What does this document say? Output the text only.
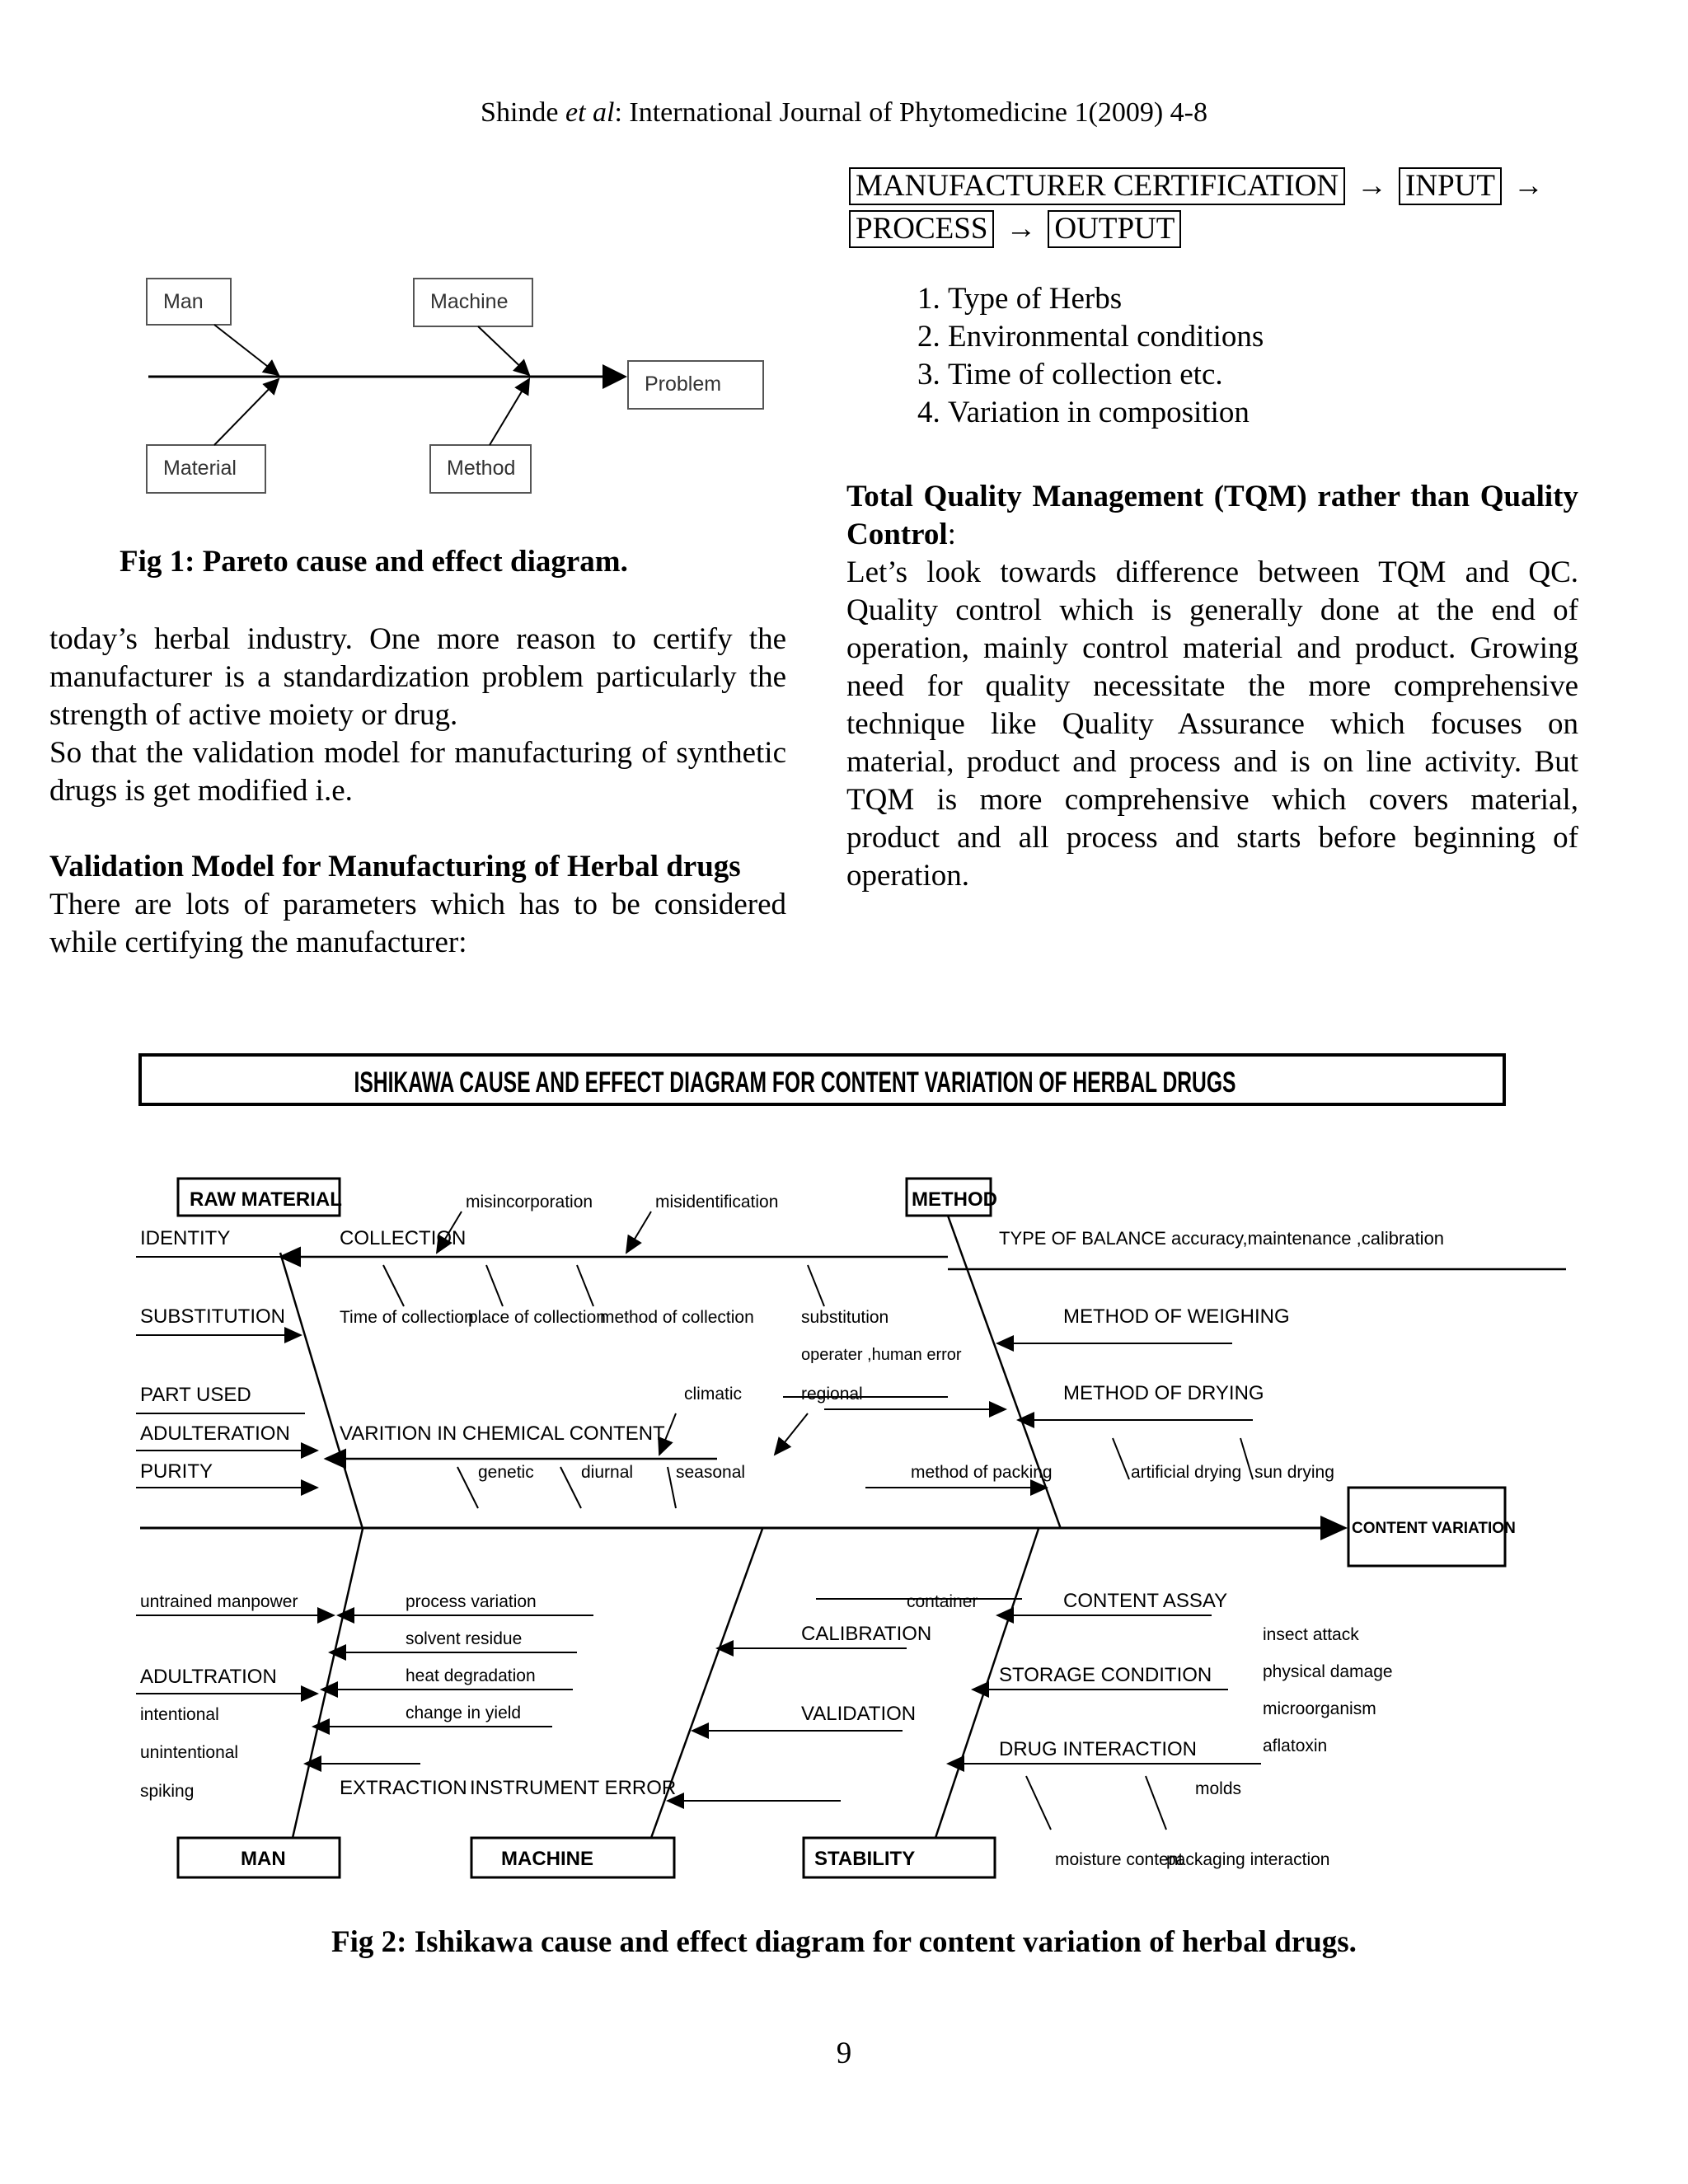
Shinde et al: International Journal of Phytomedicine 1(2009) 4-8
Man	Machine
Material	Method
Problem
Fig 1: Pareto cause and effect diagram.
today’s herbal industry. One more reason to certify the manufacturer is a standardization problem particularly the strength of active moiety or drug.
So that the validation model for manufacturing of synthetic drugs is get modified i.e.
Validation Model for Manufacturing of Herbal drugs
There are lots of parameters which has to be considered while certifying the manufacturer:
MANUFACTURER CERTIFICATION → INPUT →
PROCESS → OUTPUT
1. Type of Herbs
2. Environmental conditions
3. Time of collection etc.
4. Variation in composition
Total Quality Management (TQM) rather than Quality Control:
Let’s look towards difference between TQM and QC. Quality control which is generally done at the end of operation, mainly control material and product. Growing need for quality necessitate the more comprehensive technique like Quality Assurance which focuses on material, product and process and is on line activity. But TQM is more comprehensive which covers material, product and all process and starts before beginning of operation.
ISHIKAWA CAUSE AND EFFECT DIAGRAM FOR CONTENT VARIATION OF HERBAL DRUGS
RAW MATERIAL	METHOD
CONTENT VARIATION
MAN	MACHINE	STABILITY
IDENTITY	COLLECTION
misincorporation	misidentification
TYPE OF BALANCE accuracy,maintenance ,calibration
SUBSTITUTION	Time of collection
place of collection
method of collection	substitution
operater ,human error
METHOD OF WEIGHING
PART USED	climatic	regional	METHOD OF DRYING
ADULTERATION	VARITION IN CHEMICAL CONTENT
PURITY	genetic	diurnal seasonal	method of packing	artificial drying sun drying
untrained manpower	process variation
solvent residue
heat degradation
change in yield
ADULTRATION
intentional
unintentional
spiking	EXTRACTION INSTRUMENT ERROR
container
CALIBRATION
VALIDATION
CONTENT ASSAY
STORAGE CONDITION
DRUG INTERACTION
insect attack
physical damage
microorganism
aflatoxin
molds
moisture content
packaging interaction
Fig 2: Ishikawa cause and effect diagram for content variation of herbal drugs.
9
